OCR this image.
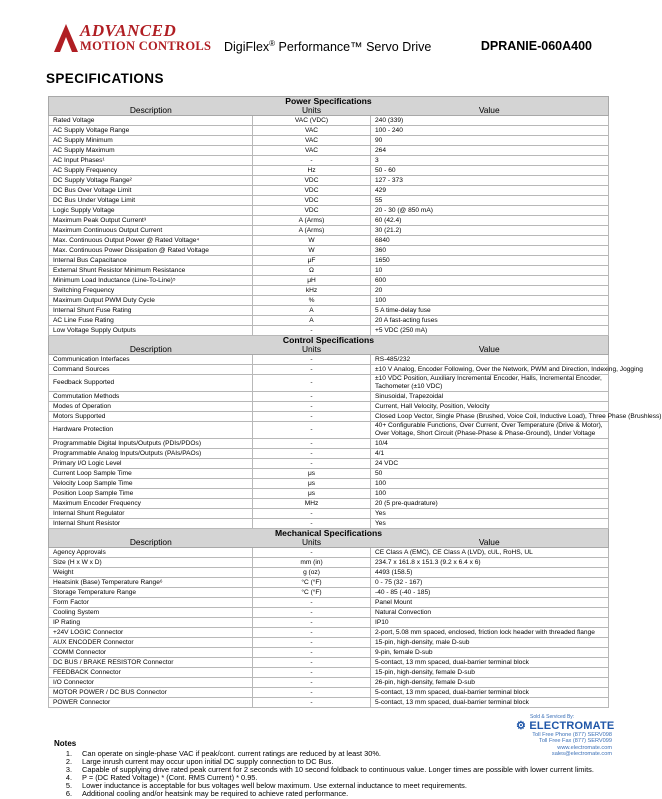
ADVANCED
MOTION CONTROLS DigiFlex® Performance™ Servo Drive	DPRANIE-060A400
SPECIFICATIONS
Power Specifications
Description Units Value		

Rated Voltage	VAC (VDC)	240 (339)
AC Supply Voltage Range	VAC	100 - 240
AC Supply Minimum	VAC	90
AC Supply Maximum	VAC	264
AC Input Phases¹	-	3
AC Supply Frequency	Hz	50 - 60
DC Supply Voltage Range²	VDC	127 - 373
DC Bus Over Voltage Limit	VDC	429
DC Bus Under Voltage Limit	VDC	55
Logic Supply Voltage	VDC	20 - 30 (@ 850 mA)
Maximum Peak Output Current³	A (Arms)	60 (42.4)
Maximum Continuous Output Current	A (Arms)	30 (21.2)
Max. Continuous Output Power @ Rated Voltage⁴	W	6840
Max. Continuous Power Dissipation @ Rated Voltage	W	360
Internal Bus Capacitance	μF	1650
External Shunt Resistor Minimum Resistance	Ω	10
Minimum Load Inductance (Line-To-Line)⁵	μH	600
Switching Frequency	kHz	20
Maximum Output PWM Duty Cycle	%	100
Internal Shunt Fuse Rating	A	5 A time-delay fuse
AC Line Fuse Rating	A	20 A fast-acting fuses
Low Voltage Supply Outputs	-	+5 VDC (250 mA)

Control Specifications
Description Units Value		

Communication Interfaces	-	RS-485/232
Command Sources	-	±10 V Analog, Encoder Following, Over the Network, PWM and Direction, Indexing, Jogging
Feedback Supported	-	±10 VDC Position, Auxiliary Incremental Encoder, Halls, Incremental Encoder, Tachometer (±10 VDC)
Commutation Methods	-	Sinusoidal, Trapezoidal
Modes of Operation	-	Current, Hall Velocity, Position, Velocity
Motors Supported	-	Closed Loop Vector, Single Phase (Brushed, Voice Coil, Inductive Load), Three Phase (Brushless)
Hardware Protection	-	40+ Configurable Functions, Over Current, Over Temperature (Drive & Motor), Over Voltage, Short Circuit (Phase-Phase & Phase-Ground), Under Voltage
Programmable Digital Inputs/Outputs (PDIs/PDOs)	-	10/4
Programmable Analog Inputs/Outputs (PAIs/PAOs)	-	4/1
Primary I/O Logic Level	-	24 VDC
Current Loop Sample Time	μs	50
Velocity Loop Sample Time	μs	100
Position Loop Sample Time	μs	100
Maximum Encoder Frequency	MHz	20 (5 pre-quadrature)
Internal Shunt Regulator	-	Yes
Internal Shunt Resistor	-	Yes

Mechanical Specifications
Description Units Value		

Agency Approvals	-	CE Class A (EMC), CE Class A (LVD), cUL, RoHS, UL
Size (H x W x D)	mm (in)	234.7 x 161.8 x 151.3 (9.2 x 6.4 x 6)
Weight	g (oz)	4493 (158.5)
Heatsink (Base) Temperature Range⁶	°C (°F)	0 - 75 (32 - 167)
Storage Temperature Range	°C (°F)	-40 - 85 (-40 - 185)
Form Factor	-	Panel Mount
Cooling System	-	Natural Convection
IP Rating	-	IP10
+24V LOGIC Connector	-	2-port, 5.08 mm spaced, enclosed, friction lock header with threaded flange
AUX ENCODER Connector	-	15-pin, high-density, male D-sub
COMM Connector	-	9-pin, female D-sub
DC BUS / BRAKE RESISTOR Connector	-	5-contact, 13 mm spaced, dual-barrier terminal block
FEEDBACK Connector	-	15-pin, high-density, female D-sub
I/O Connector	-	26-pin, high-density, female D-sub
MOTOR POWER / DC BUS Connector	-	5-contact, 13 mm spaced, dual-barrier terminal block
POWER Connector	-	5-contact, 13 mm spaced, dual-barrier terminal block
Notes
1.	Can operate on single-phase VAC if peak/cont. current ratings are reduced by at least 30%.
2.	Large inrush current may occur upon initial DC supply connection to DC Bus.
3.	Capable of supplying drive rated peak current for 2 seconds with 10 second foldback to continuous value. Longer times are possible with lower current limits.
4.	P = (DC Rated Voltage) * (Cont. RMS Current) * 0.95.
5.	Lower inductance is acceptable for bus voltages well below maximum. Use external inductance to meet requirements.
6.	Additional cooling and/or heatsink may be required to achieve rated performance.
Sold & Serviced By:
⚙ ELECTROMATE
Toll Free Phone (877) SERV098
Toll Free Fax (877) SERV099
www.electromate.com
sales@electromate.com
